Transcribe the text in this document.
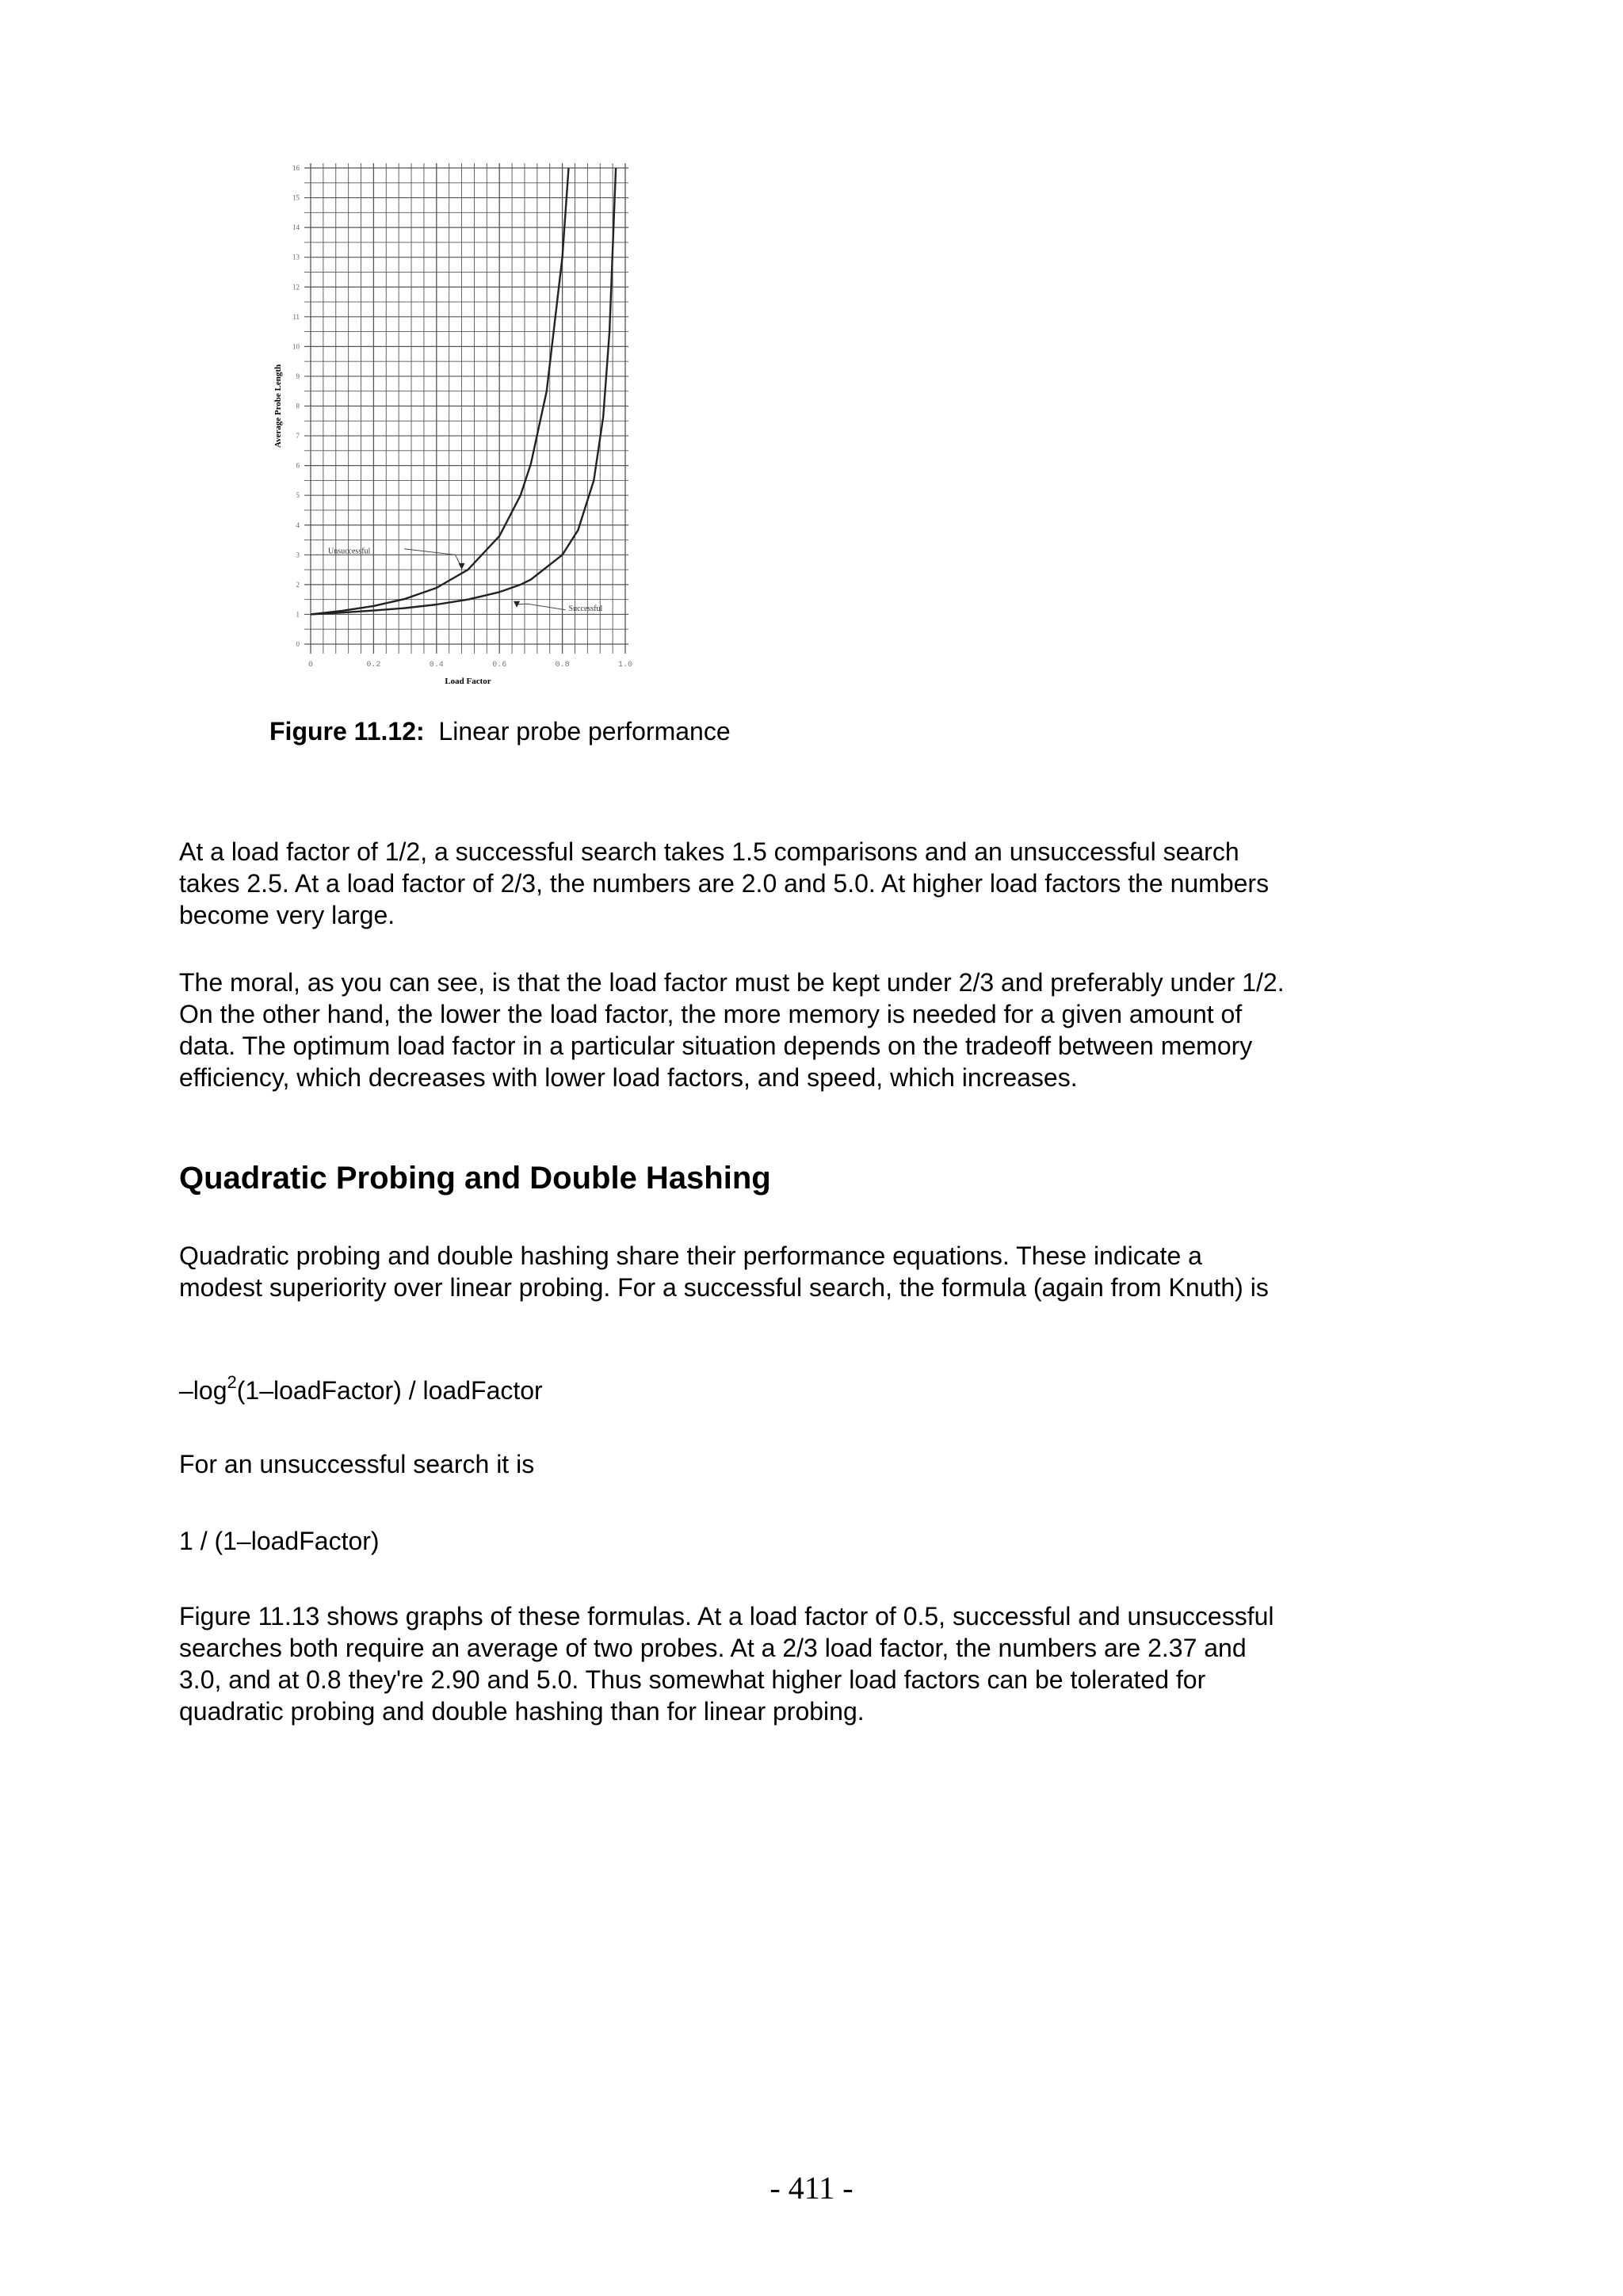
0
1
2
3
4
5
6
7
8
9
10
11
12
13
14
15
16
0	0.2	0.4	0.6	0.8	1.0
Unsuccessful
Successful
Average Probe Length
Load Factor
Figure 11.12: Linear probe performance

At a load factor of 1/2, a successful search takes 1.5 comparisons and an unsuccessful search takes 2.5. At a load factor of 2/3, the numbers are 2.0 and 5.0. At higher load factors the numbers become very large.

The moral, as you can see, is that the load factor must be kept under 2/3 and preferably under 1/2. On the other hand, the lower the load factor, the more memory is needed for a given amount of data. The optimum load factor in a particular situation depends on the tradeoff between memory efficiency, which decreases with lower load factors, and speed, which increases.

Quadratic Probing and Double Hashing

Quadratic probing and double hashing share their performance equations. These indicate a modest superiority over linear probing. For a successful search, the formula (again from Knuth) is

$-\log^2(1-loadFactor)$ / loadFactor

For an unsuccessful search it is

1 / (1–loadFactor)

Figure 11.13 shows graphs of these formulas. At a load factor of 0.5, successful and unsuccessful searches both require an average of two probes. At a 2/3 load factor, the numbers are 2.37 and 3.0, and at 0.8 they're 2.90 and 5.0. Thus somewhat higher load factors can be tolerated for quadratic probing and double hashing than for linear probing.

- 411 -
